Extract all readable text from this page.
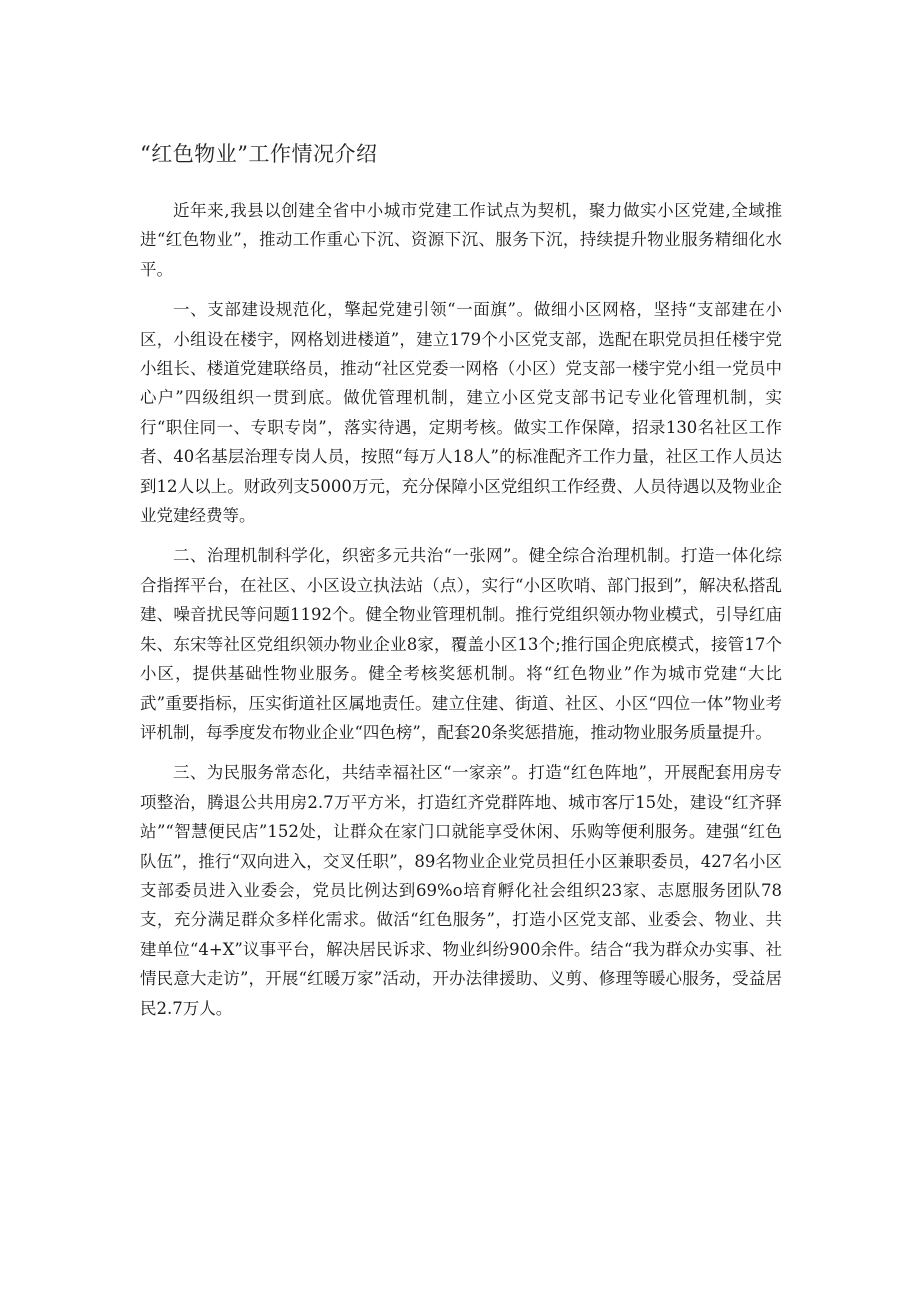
“红色物业”工作情况介绍

近年来,我县以创建全省中小城市党建工作试点为契机，聚力做实小区党建,全域推进“红色物业”，推动工作重心下沉、资源下沉、服务下沉，持续提升物业服务精细化水平。

一、支部建设规范化，擎起党建引领“一面旗”。做细小区网格，坚持“支部建在小区，小组设在楼宇，网格划进楼道”，建立179个小区党支部，选配在职党员担任楼宇党小组长、楼道党建联络员，推动“社区党委一网格（小区）党支部一楼宇党小组一党员中心户”四级组织一贯到底。做优管理机制，建立小区党支部书记专业化管理机制，实行“职住同一、专职专岗”，落实待遇，定期考核。做实工作保障，招录130名社区工作者、40名基层治理专岗人员，按照“每万人18人”的标准配齐工作力量，社区工作人员达到12人以上。财政列支5000万元，充分保障小区党组织工作经费、人员待遇以及物业企业党建经费等。

二、治理机制科学化，织密多元共治“一张网”。健全综合治理机制。打造一体化综合指挥平台，在社区、小区设立执法站（点），实行“小区吹哨、部门报到”，解决私搭乱建、噪音扰民等问题1192个。健全物业管理机制。推行党组织领办物业模式，引导红庙朱、东宋等社区党组织领办物业企业8家，覆盖小区13个;推行国企兜底模式，接管17个小区，提供基础性物业服务。健全考核奖惩机制。将“红色物业”作为城市党建“大比武”重要指标，压实街道社区属地责任。建立住建、街道、社区、小区“四位一体”物业考评机制，每季度发布物业企业“四色榜”，配套20条奖惩措施，推动物业服务质量提升。

三、为民服务常态化，共结幸福社区“一家亲”。打造“红色阵地”，开展配套用房专项整治，腾退公共用房2.7万平方米，打造红齐党群阵地、城市客厅15处，建设“红齐驿站”“智慧便民店”152处，让群众在家门口就能享受休闲、乐购等便利服务。建强“红色队伍”，推行“双向进入，交叉任职”，89名物业企业党员担任小区兼职委员，427名小区支部委员进入业委会，党员比例达到69%o培育孵化社会组织23家、志愿服务团队78支，充分满足群众多样化需求。做活“红色服务”，打造小区党支部、业委会、物业、共建单位“4+X”议事平台，解决居民诉求、物业纠纷900余件。结合“我为群众办实事、社情民意大走访”，开展“红暖万家”活动，开办法律援助、义剪、修理等暖心服务，受益居民2.7万人。
